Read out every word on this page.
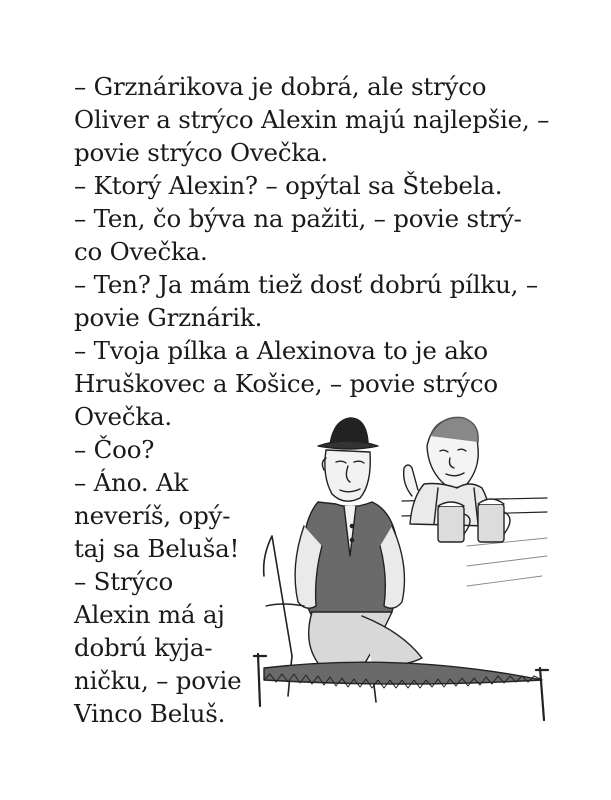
– Grznárikova je dobrá, ale strýco
Oliver a strýco Alexin majú najlepšie, –
povie strýco Ovečka.
– Ktorý Alexin? – opýtal sa Štebela.
– Ten, čo býva na pažiti, – povie strý-
co Ovečka.
– Ten? Ja mám tiež dosť dobrú pílku, –
povie Grznárik.
– Tvoja pílka a Alexinova to je ako
Hruškovec a Košice, – povie strýco
Ovečka.
– Čoo?
– Áno. Ak
neveríš, opý-
taj sa Beluša!
– Strýco
Alexin má aj
dobrú kyja-
ničku, – povie
Vinco Beluš.
